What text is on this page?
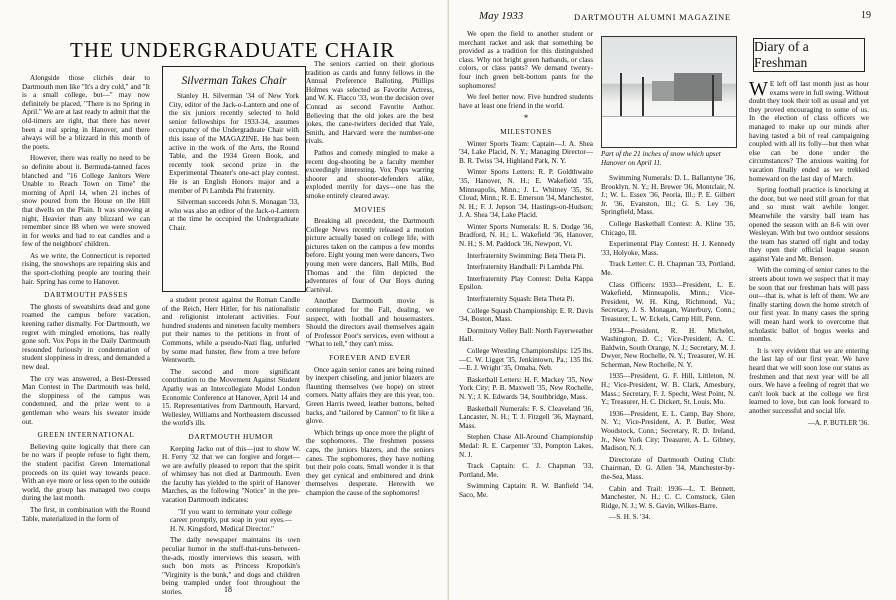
THE UNDERGRADUATE CHAIR

Alongside those clichés dear to Dartmouth men like "It's a dry cold," and "It is a small college, but—" may now definitely be placed, "There is no Spring in April." We are at last ready to admit that the old-timers are right, that there has never been a real spring in Hanover, and there always will be a blizzard in this month of the poets.

However, there was really no need to be so definite about it. Bermuda-tanned faces blanched and "16 College Janitors Were Unable to Reach Town on Time" the morning of April 14, when 21 inches of snow poured from the House on the Hill that dwells on the Plain. It was snowing at night, Heavier than any blizzard we can remember since 88 when we were snowed in for weeks and had to eat candles and a few of the neighbors' children.

As we write, the Connecticut is reported rising, the snowshops are repairing skis and the sport-clothing people are touring their hair. Spring has come to Hanover.

DARTMOUTH PASSES

The ghosts of sweatshirts dead and gone roamed the campus before vacation, keening rather dismally. For Dartmouth, we regret with mingled emotions, has really gone soft. Vox Pops in the Daily Dartmouth resounded furiously in condemnation of student sloppiness in dress, and demanded a new deal.

The cry was answered, a Best-Dressed Man Contest in The Dartmouth was held, the sloppiness of the campus was condemned, and the prize went to a gentleman who wears his sweater inside out.

GREEN INTERNATIONAL

Believing quite logically that there can be no wars if people refuse to fight them, the student pacifist Green International proceeds on its quiet way towards peace. With an eye more or less open to the outside world, the group has managed two coups during the last month.

The first, in combination with the Round Table, materialized in the form of

Silverman Takes Chair

Stanley H. Silverman '34 of New York City, editor of the Jack-o-Lantern and one of the six juniors recently selected to hold senior fellowships for 1933-34, assumes occupancy of the Undergraduate Chair with this issue of the MAGAZINE. He has been active in the work of the Arts, the Round Table, and the 1934 Green Book, and recently took second prize in the Experimental Theater's one-act play contest. He is an English Honors major and a member of Pi Lambda Phi fraternity.

Silverman succeeds John S. Monagan '33, who was also an editor of the Jack-o-Lantern at the time he occupied the Undergraduate Chair.

a student protest against the Roman Candle of the Reich, Herr Hitler, for his nationalistic and religionist intolerant activities. Four hundred students and nineteen faculty members put their names to the petitions in front of Commons, while a pseudo-Nazi flag, unfurled by some mad funster, flew from a tree before Wentworth.

The second and more significant contribution to the Movement Against Student Apathy was an Intercollegiate Model London Economic Conference at Hanover, April 14 and 15. Representatives from Dartmouth, Harvard, Wellesley, Williams and Northeastern discussed the world's ills.

DARTMOUTH HUMOR

Keeping Jacko out of this—just to show W. H. Ferry '32 that we can forgive and forget—we are awfully pleased to report that the spirit of whimsey has not died at Dartmouth. Even the faculty has yielded to the spirit of Hanover Marches, as the following "Notice" in the pre-vacation Dartmouth indicates:

"If you want to terminate your college career promptly, put soap in your eyes.—H. N. Kingsford, Medical Director."

The daily newspaper maintains its own peculiar humor in the stuff-that-runs-between-the-ads, mostly interviews this season, with such bon mots as Princess Kropotkin's "Virginity is the bunk," and dogs and children being trampled under foot throughout the stories.

The seniors carried on their glorious tradition as cards and funny fellows in the Annual Preference Balloting. Phillips Holmes was selected as Favorite Actress, and W. K. Flacco '33, won the decision over Conrad as second Favorite Author. Believing that the old jokes are the best jokes, the cane-twirlers decided that Yale, Smith, and Harvard were the number-one rivals.

Pathos and comedy mingled to make a recent dog-shooting be a faculty member exceedingly interesting. Vox Pops warring shooter and shooter-defenders alike, exploded merrily for days—one has the smoke entirely cleared away.

MOVIES

Breaking all precedent, the Dartmouth College News recently released a motion picture actually based on college life, with pictures taken on the campus a few months before. Eight young men were dancers, Two young men were dancers, Ball Mills, Bud Thomas and the film depicted the adventures of four of Our Boys during Carnival.

Another Dartmouth movie is contemplated for the Fall, dealing, we suspect, with football and housemasters. Should the directors avail themselves again of Professor Poor's services, even without a "What to tell," they can't miss.

FOREVER AND EVER

Once again senior canes are being ruined by inexpert chiseling, and junior blazers are flaunting themselves (we hope) on street corners. Natty affairs they are this year, too. Green Harris tweed, leather buttons, belted backs, and "tailored by Cannon" to fit like a glove.

Which brings up once more the plight of the sophomores. The freshmen possess caps, the juniors blazers, and the seniors canes. The sophomores, they have nothing but their polo coats. Small wonder it is that they get cynical and embittered and drink themselves desperate. Herewith we champion the cause of the sophomores!

18
May 1933	DARTMOUTH ALUMNI MAGAZINE	19

We open the field to another student or merchant racket and ask that something be provided as a tradition for this distinguished class. Why not bright green hatbands, or class colors, or class pants? We demand twenty-four inch green belt-bottom pants for the sophomores!

We feel better now. Five hundred students have at least one friend in the world.

*
MILESTONES

Winter Sports Team: Captain—J. A. Shea '34, Lake Placid, N. Y.; Managing Director—B. R. Twiss '34, Highland Park, N. Y.

Winter Sports Letters: R. P. Goldthwaite '35, Hanover, N. H.; E. Wakefield '35, Minneapolis, Minn.; J. L. Whitney '35, St. Cloud, Minn.; R. E. Emerson '34, Manchester, N. H.; F. J. Jepson '34, Hastings-on-Hudson; J. A. Shea '34, Lake Placid.

Winter Sports Numerals: R. S. Dodge '36, Bradford, N. H.; L. Wakefield '36, Hanover, N. H.; S. M. Paddock '36, Newport, Vt.

Interfraternity Swimming: Beta Theta Pi.

Interfraternity Handball: Pi Lambda Phi.

Interfraternity Play Contest: Delta Kappa Epsilon.

Interfraternity Squash: Beta Theta Pi.

College Squash Championship: E. R. Davis '34, Boston, Mass.

Dormitory Volley Ball: North Fayerweather Hall.

College Wrestling Championships: 125 lbs.—C. W. Ligget '35, Jenkintown, Pa.; 135 lbs.—E. J. Wright '35, Omaha, Neb.

Basketball Letters: H. F. Mackey '35, New York City; P. B. Maxwell '35, New Rochelle, N. Y.; J. K. Edwards '34, Southbridge, Mass.

Basketball Numerals: F. S. Cleaveland '36, Lancaster, N. H.; T. J. Fitzgell '36, Maynard, Mass.

Stephen Chase All-Around Championship Medal: R. E. Carpenter '33, Pompton Lakes, N. J.

Track Captain: C. J. Chapman '33, Portland, Me.

Swimming Captain: R. W. Banfield '34, Saco, Me.

Part of the 21 inches of snow which upset Hanover on April 11.

Swimming Numerals: D. L. Ballantyne '36, Brooklyn, N. Y.; H. Brewer '36, Montclair, N. J.; W. L. Essex '36, Peoria, Ill.; P. E. Gilbert Jr. '36, Evanston, Ill.; G. S. Ley '36, Springfield, Mass.

College Basketball Contest: A. Kline '35, Chicago, Ill.

Experimental Play Contest: H. J. Kennedy '33, Holyoke, Mass.

Track Letter: C. H. Chapman '33, Portland, Me.

Class Officers: 1933—President, L. E. Wakefield, Minneapolis, Minn.; Vice-President, W. H. King, Richmond, Va.; Secretary, J. S. Monagan, Waterbury, Conn.; Treasurer, L. W. Eckels, Camp Hill, Penn.

1934—President, R. H. Michelet, Washington, D. C.; Vice-President, A. C. Baldwin, South Orange, N. J.; Secretary, M. J. Dwyer, New Rochelle, N. Y.; Treasurer, W. H. Scherman, New Rochelle, N. Y.

1935—President, G. F. Hill, Littleton, N. H.; Vice-President, W. B. Clark, Amesbury, Mass.; Secretary, F. J. Specht, West Point, N. Y.; Treasurer, H. C. Dickert, St. Louis, Mo.

1936—President, E. L. Camp, Bay Shore, N. Y.; Vice-President, A. P. Butler, West Woodstock, Conn.; Secretary, R. D. Ireland, Jr., New York City; Treasurer, A. L. Gibney, Madison, N. J.

Directorate of Dartmouth Outing Club: Chairman, D. G. Allen '34, Manchester-by-the-Sea, Mass.

Cabin and Trail: 1936—L. T. Bennett, Manchester, N. H.; C. C. Comstock, Glen Ridge, N. J.; W. S. Gavin, Wilkes-Barre.

—S. H. S. '34.

Diary of a Freshman

W E left off last month just as hour exams were in full swing. Without doubt they took their toll as usual and yet they proved encouraging to some of us. In the election of class officers we managed to make up our minds after having tasted a bit of real campaigning coupled with all its folly—but then what else can be done under the circumstances? The anxious waiting for vacation finally ended as we trekked homeward on the last day of March.

Spring football practice is knocking at the door, but we need still groan for that and so must wait awhile longer. Meanwhile the varsity ball team has opened the season with an 8-6 win over Wesleyan. With but two outdoor sessions the team has started off right and today they open their official league season against Yale and Mt. Benson.

With the coming of senior canes to the streets about town we suspect that it may be soon that our freshman hats will pass out—that is, what is left of them. We are finally starting down the home stretch of our first year. In many cases the spring will mean hard work to overcome that scholastic ballot of bogus weeks and months.

It is very evident that we are entering the last lap of our first year. We have heard that we will soon lose our status as freshmen and that next year will be all ours. We have a feeling of regret that we can't look back at the college we first learned to love, but can look forward to another successful and social life.

—A. P. BUTLER '36.
